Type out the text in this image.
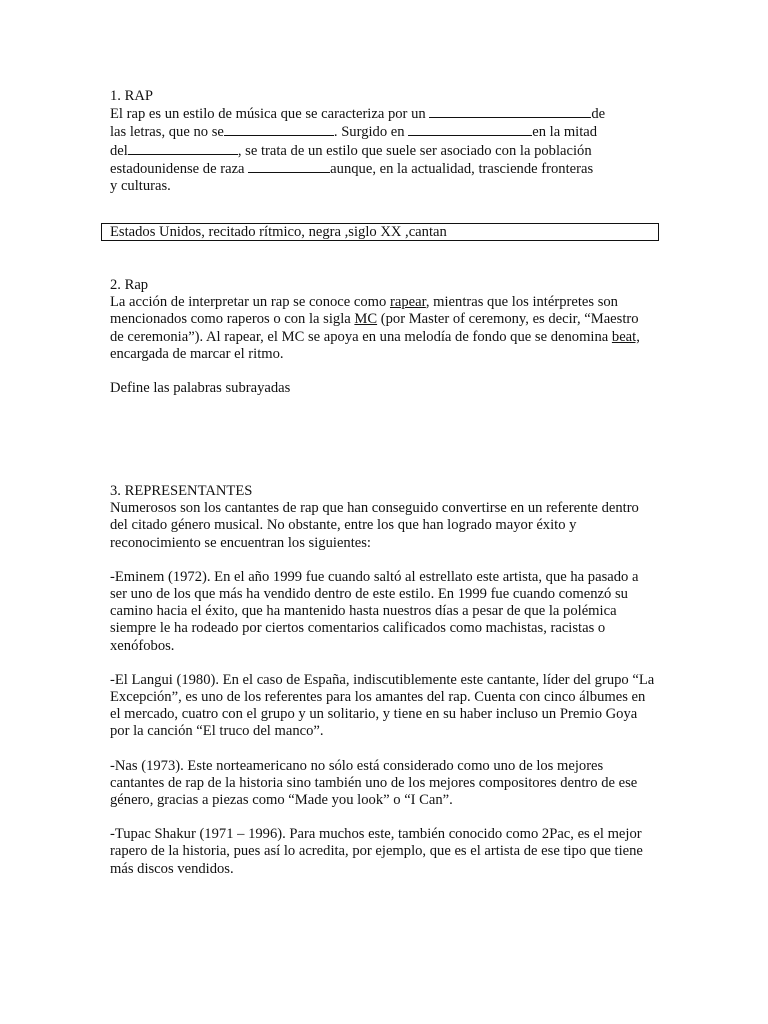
1. RAP

El rap es un estilo de música que se caracteriza por un	de

las letras, que no se	. Surgido en	en la mitad

del	, se trata de un estilo que suele ser asociado con la población

estadounidense de raza	aunque, en la actualidad, trasciende fronteras

y culturas.

Estados Unidos, recitado rítmico, negra ,siglo XX ,cantan

2. Rap

La acción de interpretar un rap se conoce como rapear, mientras que los intérpretes son mencionados como raperos o con la sigla MC (por Master of ceremony, es decir, “Maestro de ceremonia”). Al rapear, el MC se apoya en una melodía de fondo que se denomina beat, encargada de marcar el ritmo.

Define las palabras subrayadas

3. REPRESENTANTES

Numerosos son los cantantes de rap que han conseguido convertirse en un referente dentro del citado género musical. No obstante, entre los que han logrado mayor éxito y reconocimiento se encuentran los siguientes:

-Eminem (1972). En el año 1999 fue cuando saltó al estrellato este artista, que ha pasado a ser uno de los que más ha vendido dentro de este estilo. En 1999 fue cuando comenzó su camino hacia el éxito, que ha mantenido hasta nuestros días a pesar de que la polémica siempre le ha rodeado por ciertos comentarios calificados como machistas, racistas o xenófobos.

-El Langui (1980). En el caso de España, indiscutiblemente este cantante, líder del grupo “La Excepción”, es uno de los referentes para los amantes del rap. Cuenta con cinco álbumes en el mercado, cuatro con el grupo y un solitario, y tiene en su haber incluso un Premio Goya por la canción “El truco del manco”.

-Nas (1973). Este norteamericano no sólo está considerado como uno de los mejores cantantes de rap de la historia sino también uno de los mejores compositores dentro de ese género, gracias a piezas como “Made you look” o “I Can”.

-Tupac Shakur (1971 – 1996). Para muchos este, también conocido como 2Pac, es el mejor rapero de la historia, pues así lo acredita, por ejemplo, que es el artista de ese tipo que tiene más discos vendidos.
